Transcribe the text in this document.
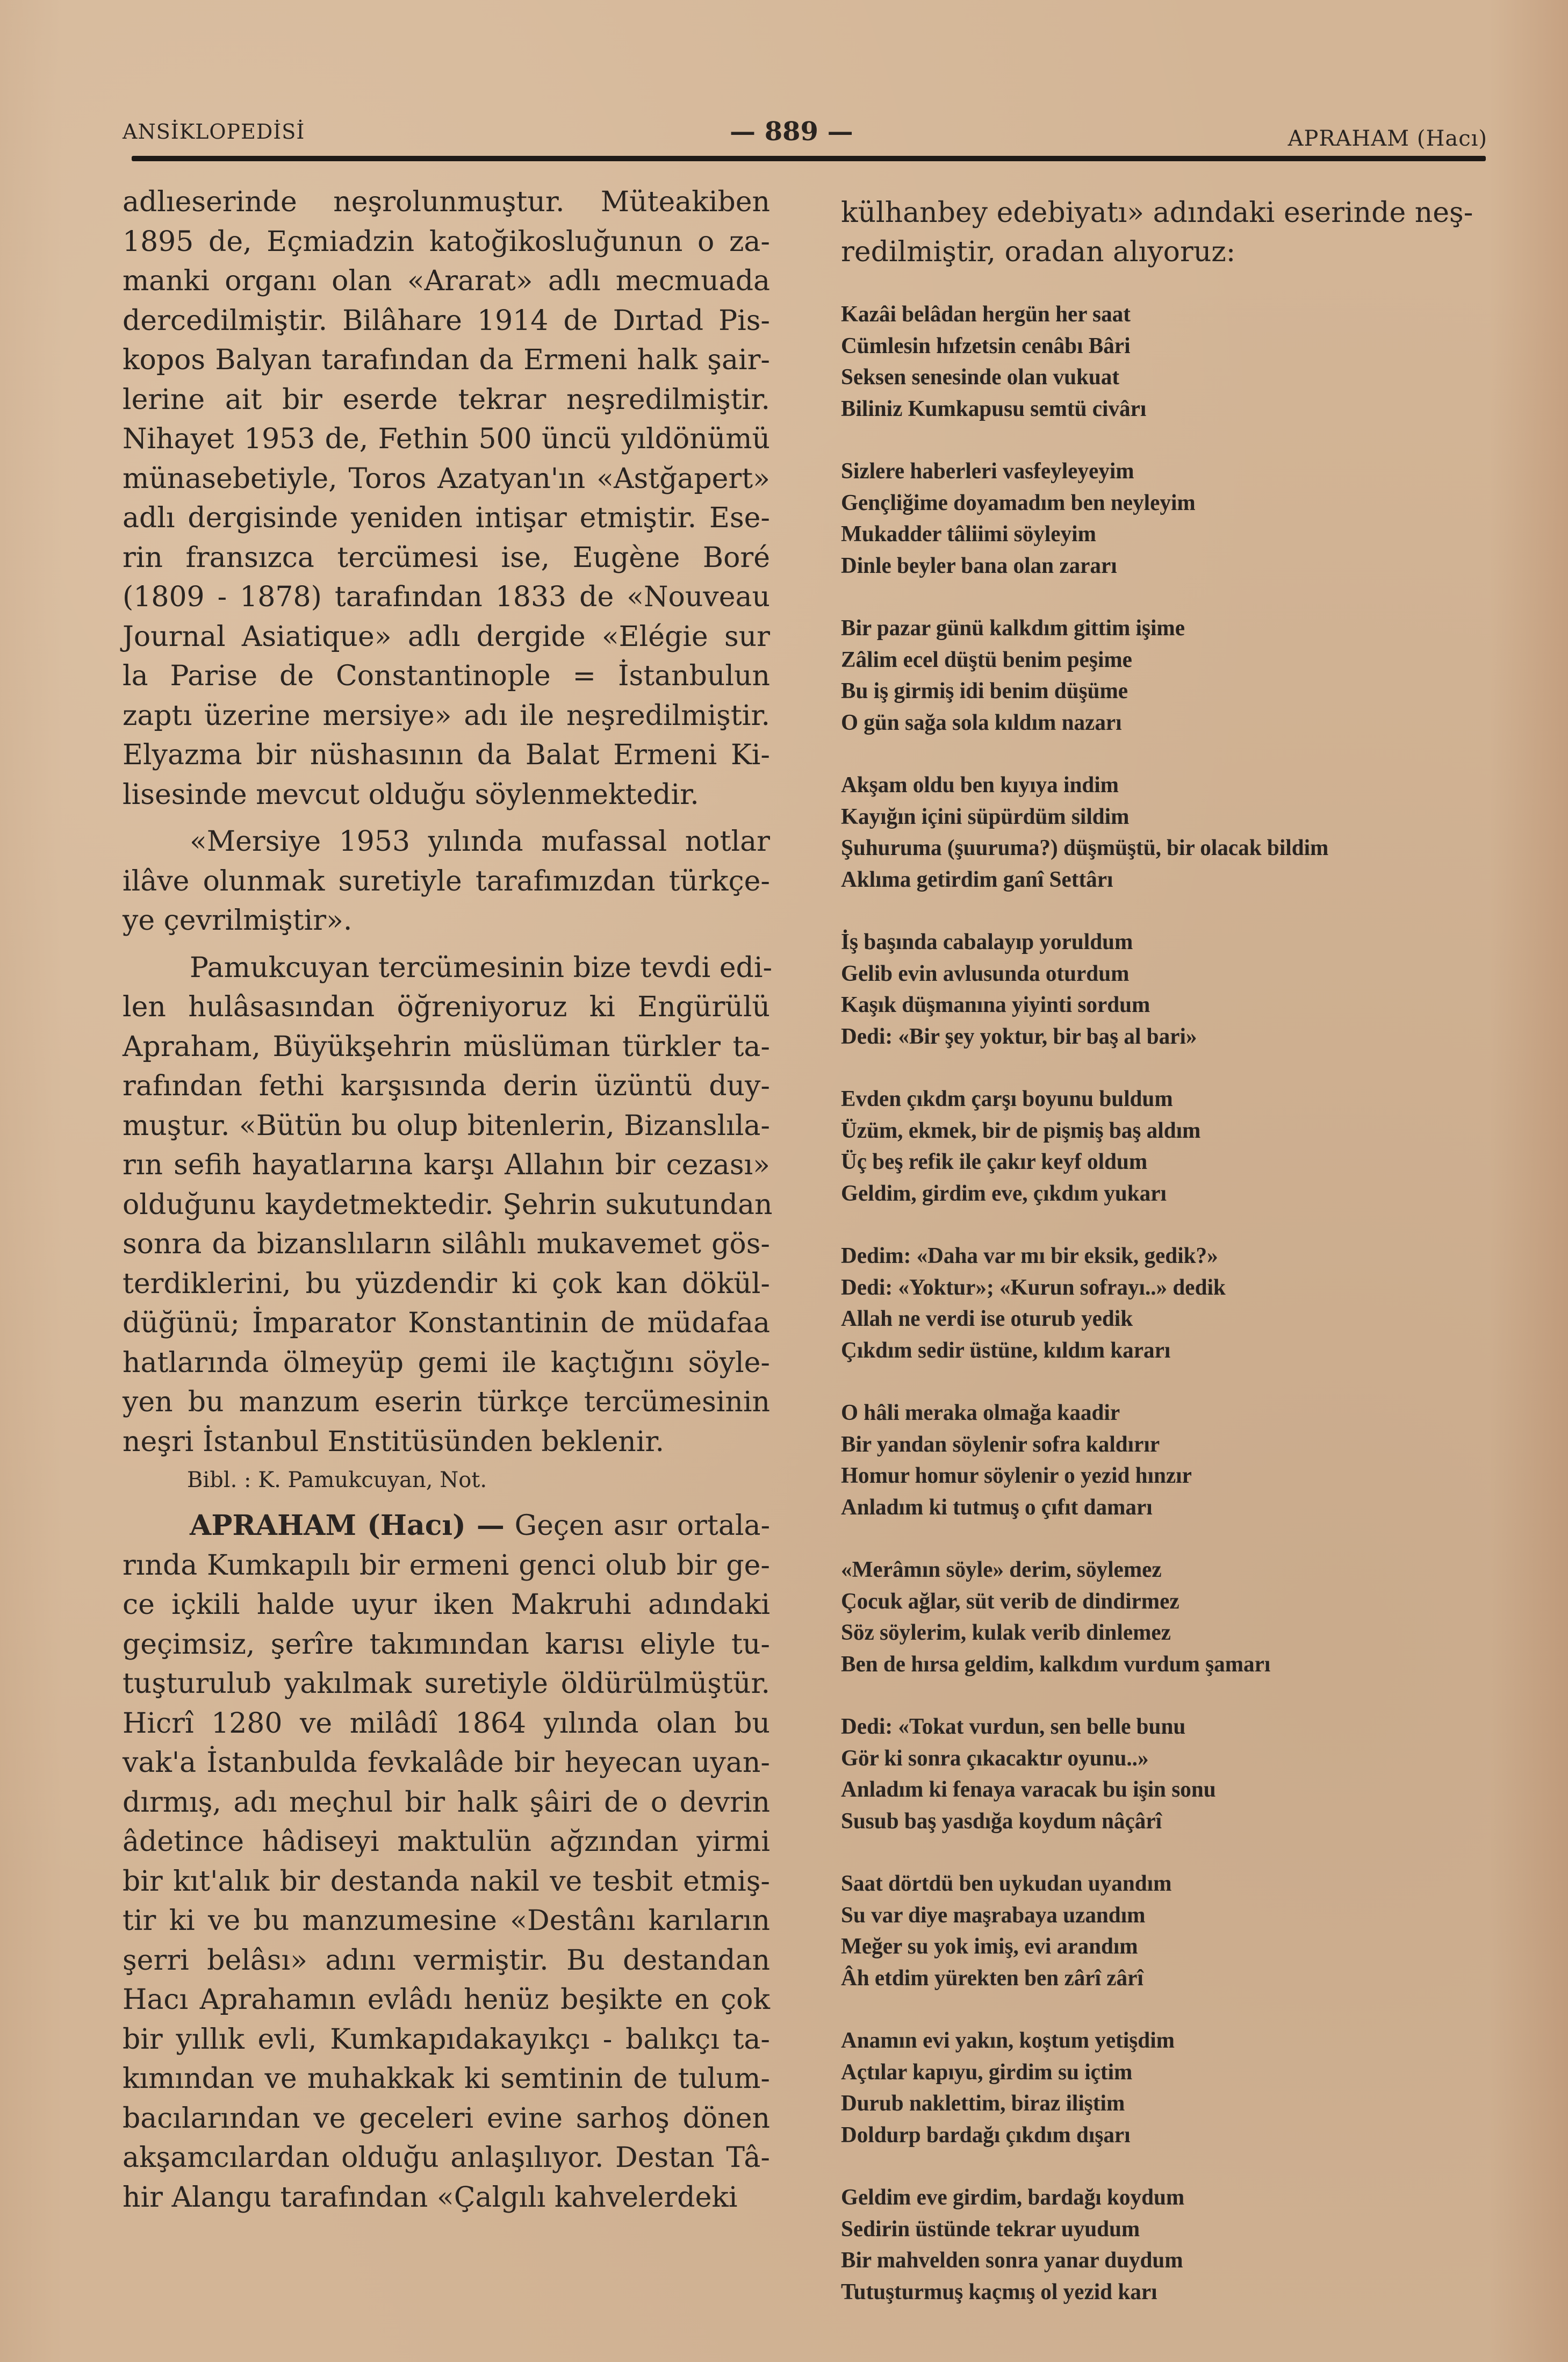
ANSİKLOPEDİSİ	— 889 —	APRAHAM (Hacı)
adlıeserinde neşrolunmuştur. Müteakiben
1895 de, Eçmiadzin katoğikosluğunun o za-
manki organı olan «Ararat» adlı mecmuada
dercedilmiştir. Bilâhare 1914 de Dırtad Pis-
kopos Balyan tarafından da Ermeni halk şair-
lerine ait bir eserde tekrar neşredilmiştir.
Nihayet 1953 de, Fethin 500 üncü yıldönümü
münasebetiyle, Toros Azatyan'ın «Astğapert»
adlı dergisinde yeniden intişar etmiştir. Ese-
rin fransızca tercümesi ise, Eugène Boré
(1809 - 1878) tarafından 1833 de «Nouveau
Journal Asiatique» adlı dergide «Elégie sur
la Parise de Constantinople = İstanbulun
zaptı üzerine mersiye» adı ile neşredilmiştir.
Elyazma bir nüshasının da Balat Ermeni Ki-
lisesinde mevcut olduğu söylenmektedir.
«Mersiye 1953 yılında mufassal notlar
ilâve olunmak suretiyle tarafımızdan türkçe-
ye çevrilmiştir».
Pamukcuyan tercümesinin bize tevdi edi-
len hulâsasından öğreniyoruz ki Engürülü
Apraham, Büyükşehrin müslüman türkler ta-
rafından fethi karşısında derin üzüntü duy-
muştur. «Bütün bu olup bitenlerin, Bizanslıla-
rın sefih hayatlarına karşı Allahın bir cezası»
olduğunu kaydetmektedir. Şehrin sukutundan
sonra da bizanslıların silâhlı mukavemet gös-
terdiklerini, bu yüzdendir ki çok kan dökül-
düğünü; İmparator Konstantinin de müdafaa
hatlarında ölmeyüp gemi ile kaçtığını söyle-
yen bu manzum eserin türkçe tercümesinin
neşri İstanbul Enstitüsünden beklenir.
Bibl. : K. Pamukcuyan, Not.
APRAHAM (Hacı) — Geçen asır ortala-
rında Kumkapılı bir ermeni genci olub bir ge-
ce içkili halde uyur iken Makruhi adındaki
geçimsiz, şerîre takımından karısı eliyle tu-
tuşturulub yakılmak suretiyle öldürülmüştür.
Hicrî 1280 ve milâdî 1864 yılında olan bu
vak'a İstanbulda fevkalâde bir heyecan uyan-
dırmış, adı meçhul bir halk şâiri de o devrin
âdetince hâdiseyi maktulün ağzından yirmi
bir kıt'alık bir destanda nakil ve tesbit etmiş-
tir ki ve bu manzumesine «Destânı karıların
şerri belâsı» adını vermiştir. Bu destandan
Hacı Aprahamın evlâdı henüz beşikte en çok
bir yıllık evli, Kumkapıdakayıkçı - balıkçı ta-
kımından ve muhakkak ki semtinin de tulum-
bacılarından ve geceleri evine sarhoş dönen
akşamcılardan olduğu anlaşılıyor. Destan Tâ-
hir Alangu tarafından «Çalgılı kahvelerdeki
külhanbey edebiyatı» adındaki eserinde neş-
redilmiştir, oradan alıyoruz:
Kazâi belâdan hergün her saat
Cümlesin hıfzetsin cenâbı Bâri
Seksen senesinde olan vukuat
Biliniz Kumkapusu semtü civârı
Sizlere haberleri vasfeyleyeyim
Gençliğime doyamadım ben neyleyim
Mukadder tâliimi söyleyim
Dinle beyler bana olan zararı
Bir pazar günü kalkdım gittim işime
Zâlim ecel düştü benim peşime
Bu iş girmiş idi benim düşüme
O gün sağa sola kıldım nazarı
Akşam oldu ben kıyıya indim
Kayığın içini süpürdüm sildim
Şuhuruma (şuuruma?) düşmüştü, bir olacak bildim
Aklıma getirdim ganî Settârı
İş başında cabalayıp yoruldum
Gelib evin avlusunda oturdum
Kaşık düşmanına yiyinti sordum
Dedi: «Bir şey yoktur, bir baş al bari»
Evden çıkdm çarşı boyunu buldum
Üzüm, ekmek, bir de pişmiş baş aldım
Üç beş refik ile çakır keyf oldum
Geldim, girdim eve, çıkdım yukarı
Dedim: «Daha var mı bir eksik, gedik?»
Dedi: «Yoktur»; «Kurun sofrayı..» dedik
Allah ne verdi ise oturub yedik
Çıkdım sedir üstüne, kıldım kararı
O hâli meraka olmağa kaadir
Bir yandan söylenir sofra kaldırır
Homur homur söylenir o yezid hınzır
Anladım ki tutmuş o çıfıt damarı
«Merâmın söyle» derim, söylemez
Çocuk ağlar, süt verib de dindirmez
Söz söylerim, kulak verib dinlemez
Ben de hırsa geldim, kalkdım vurdum şamarı
Dedi: «Tokat vurdun, sen belle bunu
Gör ki sonra çıkacaktır oyunu..»
Anladım ki fenaya varacak bu işin sonu
Susub baş yasdığa koydum nâçârî
Saat dörtdü ben uykudan uyandım
Su var diye maşrabaya uzandım
Meğer su yok imiş, evi arandım
Âh etdim yürekten ben zârî zârî
Anamın evi yakın, koştum yetişdim
Açtılar kapıyu, girdim su içtim
Durub naklettim, biraz iliştim
Doldurp bardağı çıkdım dışarı
Geldim eve girdim, bardağı koydum
Sedirin üstünde tekrar uyudum
Bir mahvelden sonra yanar duydum
Tutuşturmuş kaçmış ol yezid karı
